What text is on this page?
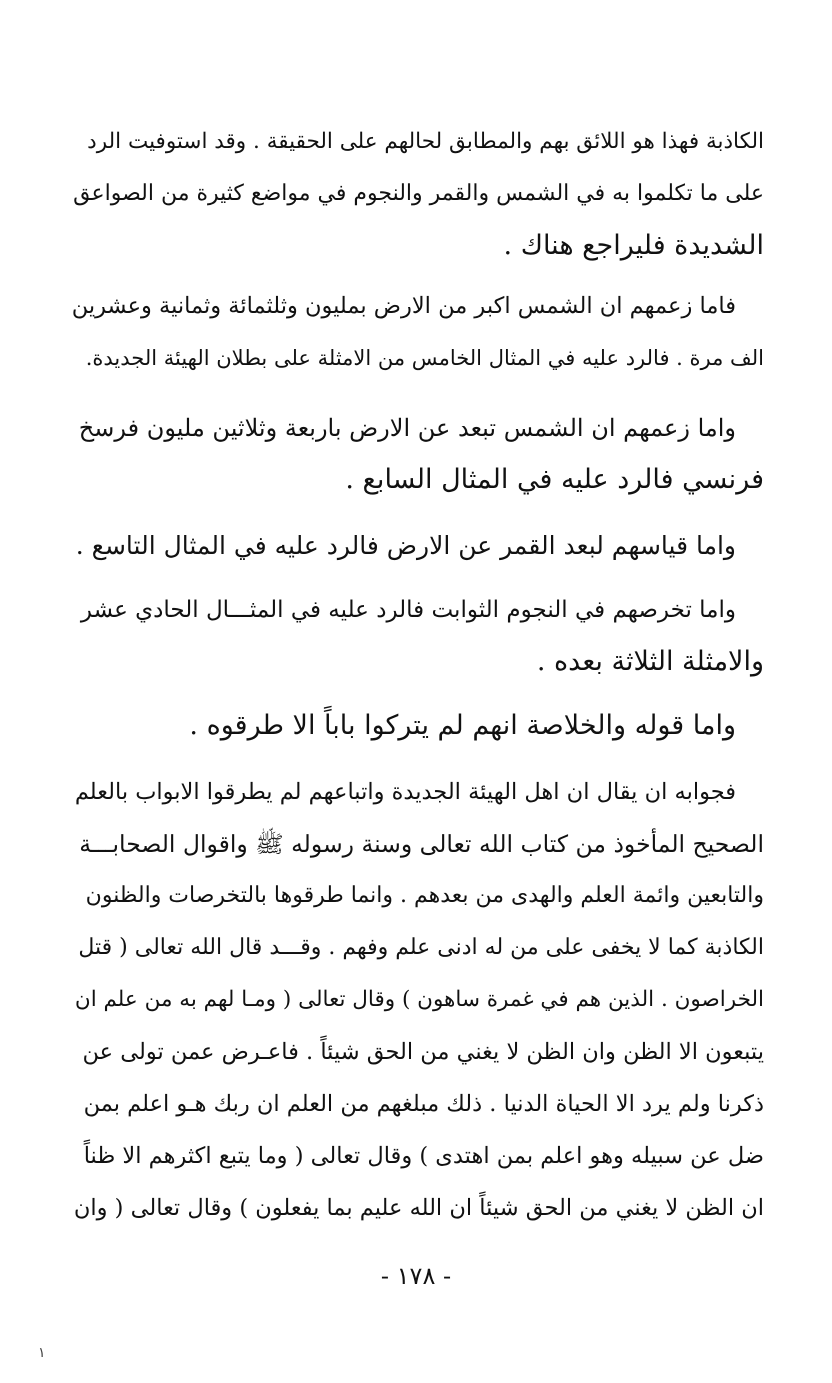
الكاذبة فهذا هو اللائق بهم والمطابق لحالهم على الحقيقة . وقد استوفيت الرد
على ما تكلموا به في الشمس والقمر والنجوم في مواضع كثيرة من الصواعق
الشديدة فليراجع هناك .
فاما زعمهم ان الشمس اكبر من الارض بمليون وثلثمائة وثمانية وعشرين
الف مرة . فالرد عليه في المثال الخامس من الامثلة على بطلان الهيئة الجديدة.
واما زعمهم ان الشمس تبعد عن الارض باربعة وثلاثين مليون فرسخ
فرنسي فالرد عليه في المثال السابع .
واما قياسهم لبعد القمر عن الارض فالرد عليه في المثال التاسع .
واما تخرصهم في النجوم الثوابت فالرد عليه في المثـــال الحادي عشر
والامثلة الثلاثة بعده .
واما قوله والخلاصة انهم لم يتركوا باباً الا طرقوه .
فجوابه ان يقال ان اهل الهيئة الجديدة واتباعهم لم يطرقوا الابواب بالعلم
الصحيح المأخوذ من كتاب الله تعالى وسنة رسوله ﷺ واقوال الصحابـــة
والتابعين وائمة العلم والهدى من بعدهم . وانما طرقوها بالتخرصات والظنون
الكاذبة كما لا يخفى على من له ادنى علم وفهم . وقـــد قال الله تعالى ( قتل
الخراصون . الذين هم في غمرة ساهون ) وقال تعالى ( ومـا لهم به من علم ان
يتبعون الا الظن وان الظن لا يغني من الحق شيئاً . فاعـرض عمن تولى عن
ذكرنا ولم يرد الا الحياة الدنيا . ذلك مبلغهم من العلم ان ربك هـو اعلم بمن
ضل عن سبيله وهو اعلم بمن اهتدى ) وقال تعالى ( وما يتبع اكثرهم الا ظناً
ان الظن لا يغني من الحق شيئاً ان الله عليم بما يفعلون ) وقال تعالى ( وان
- ١٧٨ -
١
